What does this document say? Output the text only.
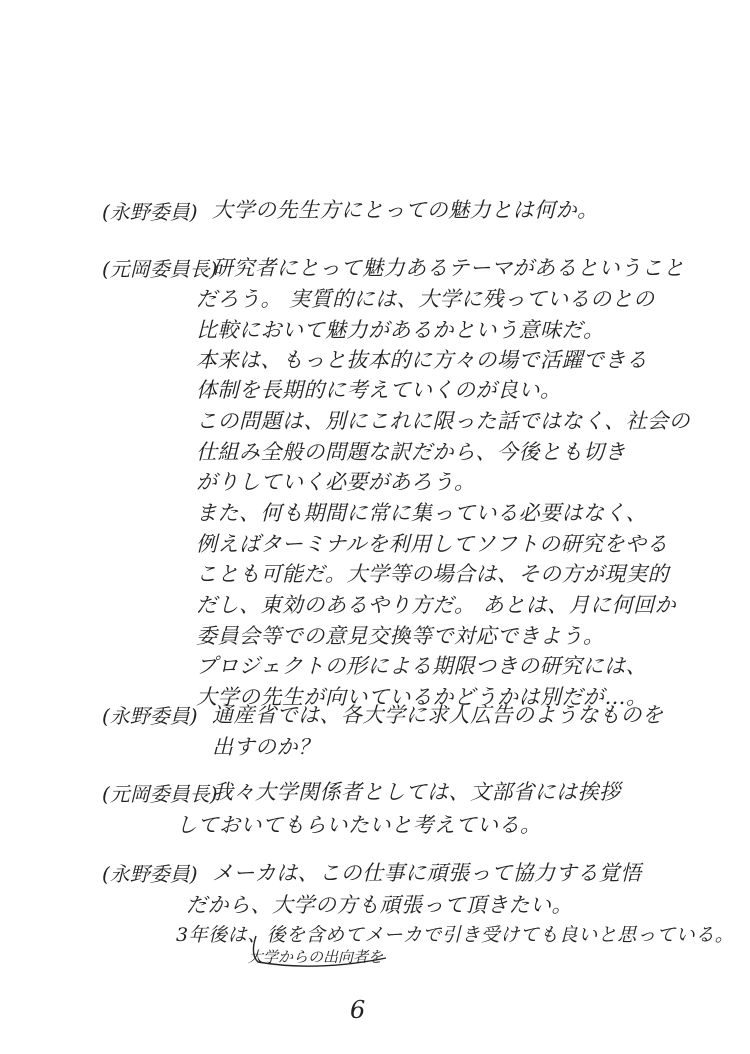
(永野委員) 大学の先生方にとっての魅力とは何か。
(元岡委員長)
研究者にとって魅力あるテーマがあるということ
だろう。 実質的には、大学に残っているのとの
比較において魅力があるかという意味だ。
本来は、もっと抜本的に方々の場で活躍できる
体制を長期的に考えていくのが良い。
この問題は、別にこれに限った話ではなく、社会の
仕組み全般の問題な訳だから、今後とも切き
がりしていく必要があろう。
また、何も期間に常に集っている必要はなく、
例えばターミナルを利用してソフトの研究をやる
ことも可能だ。大学等の場合は、その方が現実的
だし、東効のあるやり方だ。 あとは、月に何回か
委員会等での意見交換等で対応できよう。
プロジェクトの形による期限つきの研究には、
大学の先生が向いているかどうかは別だが…。
(永野委員) 通産省では、各大学に求人広告のようなものを
出すのか？
(元岡委員長)
我々大学関係者としては、文部省には挨拶
しておいてもらいたいと考えている。
(永野委員) メーカは、この仕事に頑張って協力する覚悟
だから、大学の方も頑張って頂きたい。
3年後は、後を含めてメーカで引き受けても良いと思っている。
大学からの出向者を
6
